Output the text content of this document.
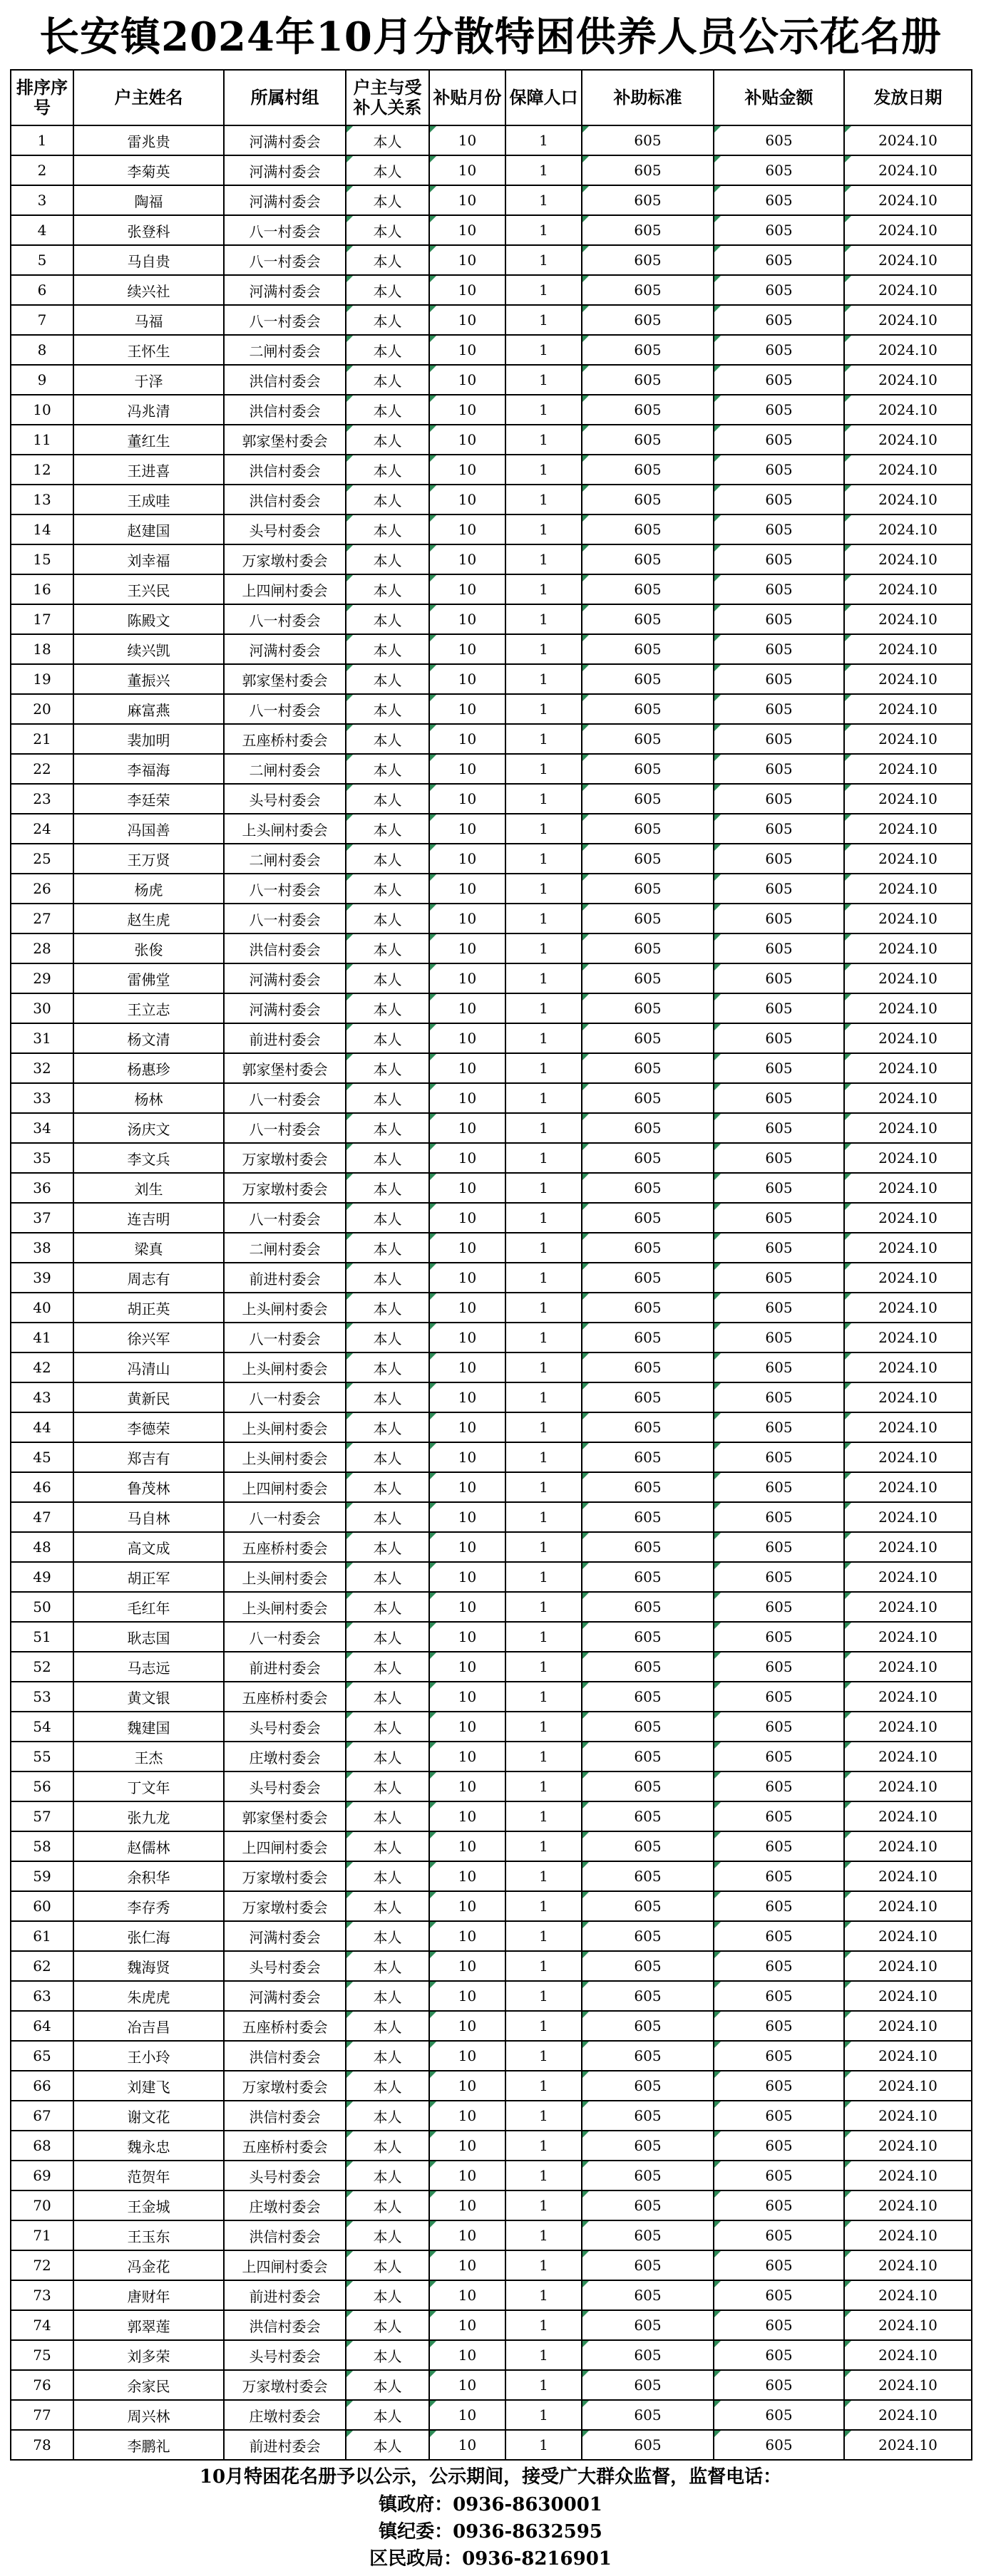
长安镇2024年10月分散特困供养人员公示花名册
排序序号	户主姓名	所属村组	户主与受补人关系	补贴月份	保障人口	补助标准	补贴金额	发放日期
1	雷兆贵	河满村委会	本人	10	1	605	605	2024.10
2	李菊英	河满村委会	本人	10	1	605	605	2024.10
3	陶福	河满村委会	本人	10	1	605	605	2024.10
4	张登科	八一村委会	本人	10	1	605	605	2024.10
5	马自贵	八一村委会	本人	10	1	605	605	2024.10
6	续兴社	河满村委会	本人	10	1	605	605	2024.10
7	马福	八一村委会	本人	10	1	605	605	2024.10
8	王怀生	二闸村委会	本人	10	1	605	605	2024.10
9	于泽	洪信村委会	本人	10	1	605	605	2024.10
10	冯兆清	洪信村委会	本人	10	1	605	605	2024.10
11	董红生	郭家堡村委会	本人	10	1	605	605	2024.10
12	王进喜	洪信村委会	本人	10	1	605	605	2024.10
13	王成哇	洪信村委会	本人	10	1	605	605	2024.10
14	赵建国	头号村委会	本人	10	1	605	605	2024.10
15	刘幸福	万家墩村委会	本人	10	1	605	605	2024.10
16	王兴民	上四闸村委会	本人	10	1	605	605	2024.10
17	陈殿文	八一村委会	本人	10	1	605	605	2024.10
18	续兴凯	河满村委会	本人	10	1	605	605	2024.10
19	董振兴	郭家堡村委会	本人	10	1	605	605	2024.10
20	麻富燕	八一村委会	本人	10	1	605	605	2024.10
21	裴加明	五座桥村委会	本人	10	1	605	605	2024.10
22	李福海	二闸村委会	本人	10	1	605	605	2024.10
23	李廷荣	头号村委会	本人	10	1	605	605	2024.10
24	冯国善	上头闸村委会	本人	10	1	605	605	2024.10
25	王万贤	二闸村委会	本人	10	1	605	605	2024.10
26	杨虎	八一村委会	本人	10	1	605	605	2024.10
27	赵生虎	八一村委会	本人	10	1	605	605	2024.10
28	张俊	洪信村委会	本人	10	1	605	605	2024.10
29	雷佛堂	河满村委会	本人	10	1	605	605	2024.10
30	王立志	河满村委会	本人	10	1	605	605	2024.10
31	杨文清	前进村委会	本人	10	1	605	605	2024.10
32	杨惠珍	郭家堡村委会	本人	10	1	605	605	2024.10
33	杨林	八一村委会	本人	10	1	605	605	2024.10
34	汤庆文	八一村委会	本人	10	1	605	605	2024.10
35	李文兵	万家墩村委会	本人	10	1	605	605	2024.10
36	刘生	万家墩村委会	本人	10	1	605	605	2024.10
37	连吉明	八一村委会	本人	10	1	605	605	2024.10
38	梁真	二闸村委会	本人	10	1	605	605	2024.10
39	周志有	前进村委会	本人	10	1	605	605	2024.10
40	胡正英	上头闸村委会	本人	10	1	605	605	2024.10
41	徐兴军	八一村委会	本人	10	1	605	605	2024.10
42	冯清山	上头闸村委会	本人	10	1	605	605	2024.10
43	黄新民	八一村委会	本人	10	1	605	605	2024.10
44	李德荣	上头闸村委会	本人	10	1	605	605	2024.10
45	郑吉有	上头闸村委会	本人	10	1	605	605	2024.10
46	鲁茂林	上四闸村委会	本人	10	1	605	605	2024.10
47	马自林	八一村委会	本人	10	1	605	605	2024.10
48	高文成	五座桥村委会	本人	10	1	605	605	2024.10
49	胡正军	上头闸村委会	本人	10	1	605	605	2024.10
50	毛红年	上头闸村委会	本人	10	1	605	605	2024.10
51	耿志国	八一村委会	本人	10	1	605	605	2024.10
52	马志远	前进村委会	本人	10	1	605	605	2024.10
53	黄文银	五座桥村委会	本人	10	1	605	605	2024.10
54	魏建国	头号村委会	本人	10	1	605	605	2024.10
55	王杰	庄墩村委会	本人	10	1	605	605	2024.10
56	丁文年	头号村委会	本人	10	1	605	605	2024.10
57	张九龙	郭家堡村委会	本人	10	1	605	605	2024.10
58	赵儒林	上四闸村委会	本人	10	1	605	605	2024.10
59	余积华	万家墩村委会	本人	10	1	605	605	2024.10
60	李存秀	万家墩村委会	本人	10	1	605	605	2024.10
61	张仁海	河满村委会	本人	10	1	605	605	2024.10
62	魏海贤	头号村委会	本人	10	1	605	605	2024.10
63	朱虎虎	河满村委会	本人	10	1	605	605	2024.10
64	冶吉昌	五座桥村委会	本人	10	1	605	605	2024.10
65	王小玲	洪信村委会	本人	10	1	605	605	2024.10
66	刘建飞	万家墩村委会	本人	10	1	605	605	2024.10
67	谢文花	洪信村委会	本人	10	1	605	605	2024.10
68	魏永忠	五座桥村委会	本人	10	1	605	605	2024.10
69	范贺年	头号村委会	本人	10	1	605	605	2024.10
70	王金城	庄墩村委会	本人	10	1	605	605	2024.10
71	王玉东	洪信村委会	本人	10	1	605	605	2024.10
72	冯金花	上四闸村委会	本人	10	1	605	605	2024.10
73	唐财年	前进村委会	本人	10	1	605	605	2024.10
74	郭翠莲	洪信村委会	本人	10	1	605	605	2024.10
75	刘多荣	头号村委会	本人	10	1	605	605	2024.10
76	余家民	万家墩村委会	本人	10	1	605	605	2024.10
77	周兴林	庄墩村委会	本人	10	1	605	605	2024.10
78	李鹏礼	前进村委会	本人	10	1	605	605	2024.10
10月特困花名册予以公示，公示期间，接受广大群众监督，监督电话：
镇政府：0936-8630001
镇纪委：0936-8632595
区民政局：0936-8216901
